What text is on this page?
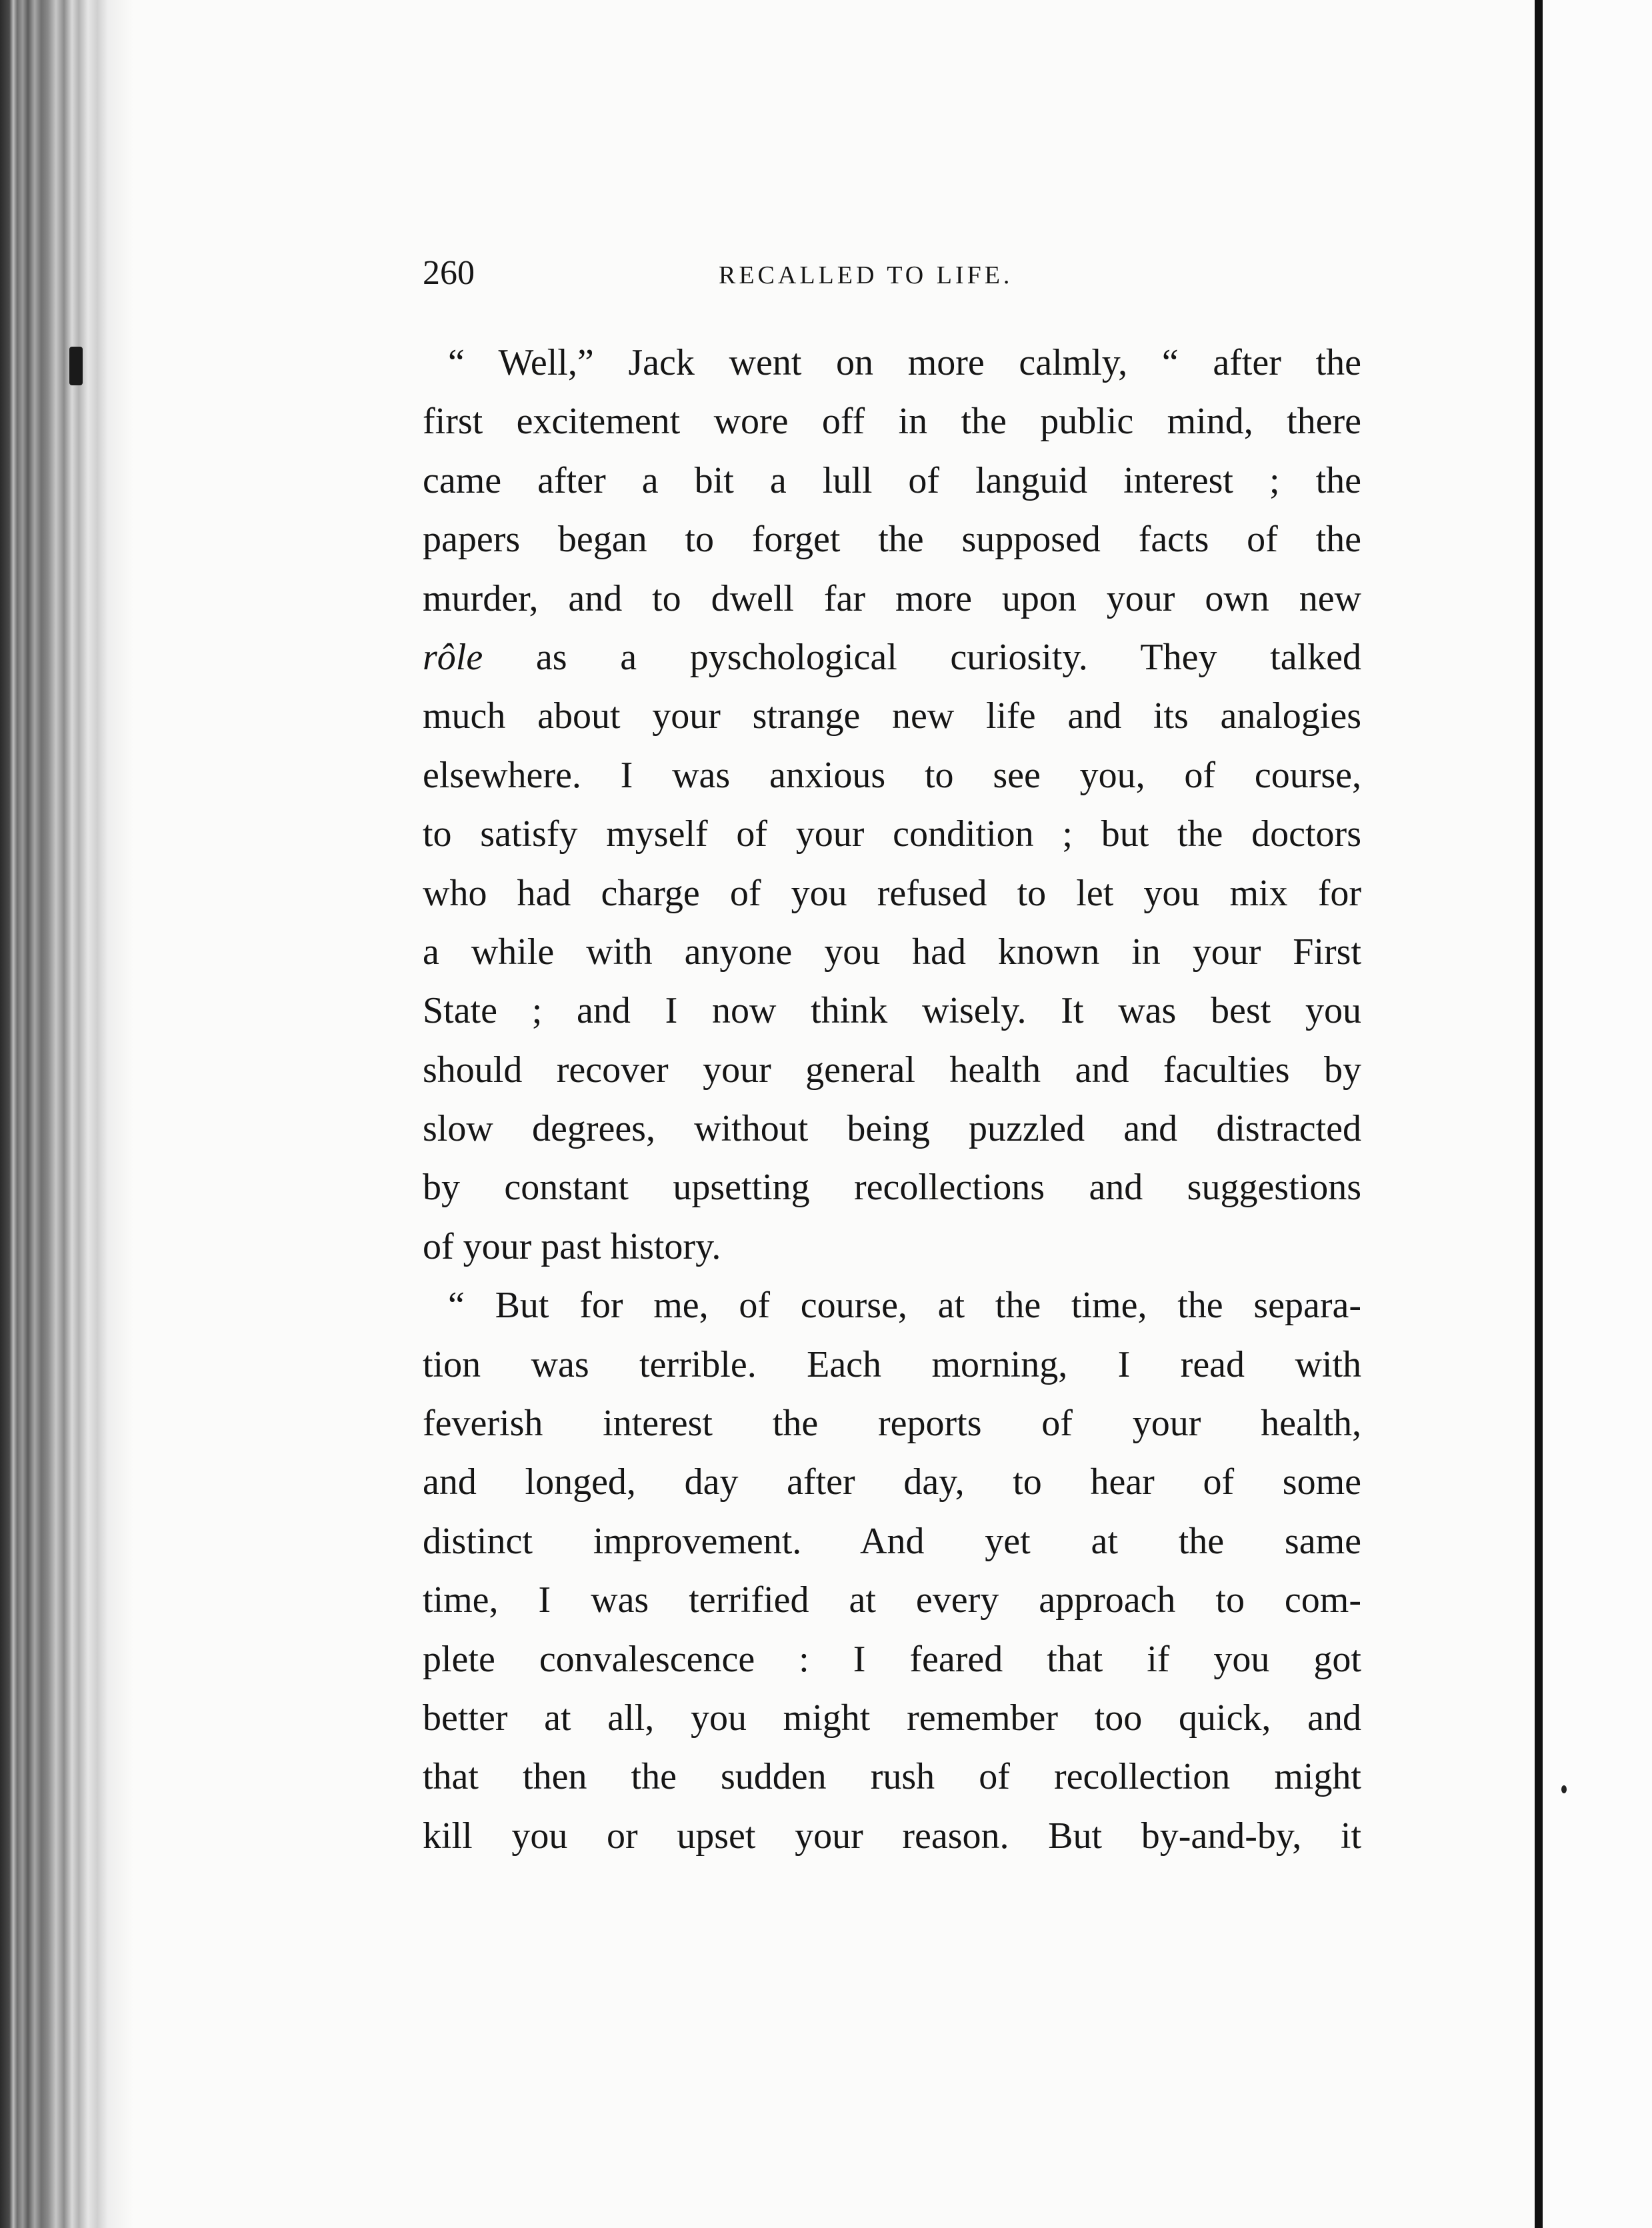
260	RECALLED TO LIFE.
“ Well,” Jack went on more calmly, “ after the
first excitement wore off in the public mind, there
came after a bit a lull of languid interest ; the
papers began to forget the supposed facts of the
murder, and to dwell far more upon your own new
rôle as a pyschological curiosity. They talked
much about your strange new life and its analogies
elsewhere. I was anxious to see you, of course,
to satisfy myself of your condition ; but the doctors
who had charge of you refused to let you mix for
a while with anyone you had known in your First
State ; and I now think wisely. It was best you
should recover your general health and faculties by
slow degrees, without being puzzled and distracted
by constant upsetting recollections and suggestions
of your past history.
“ But for me, of course, at the time, the separa-
tion was terrible. Each morning, I read with
feverish interest the reports of your health,
and longed, day after day, to hear of some
distinct improvement. And yet at the same
time, I was terrified at every approach to com-
plete convalescence : I feared that if you got
better at all, you might remember too quick, and
that then the sudden rush of recollection might
kill you or upset your reason. But by-and-by, it
